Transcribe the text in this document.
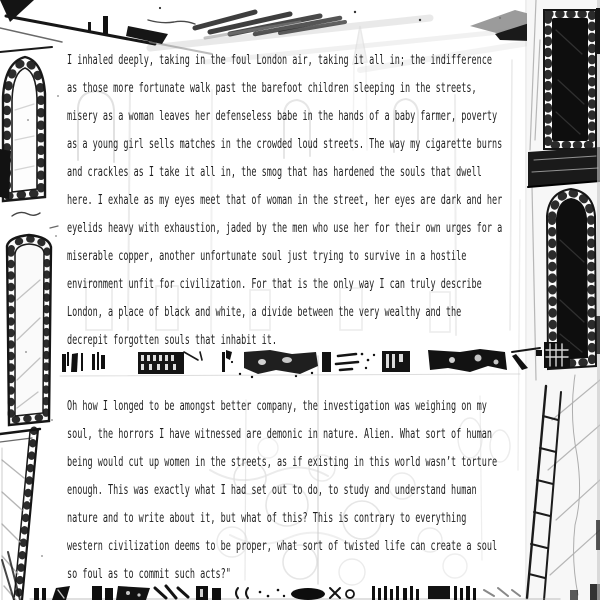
I inhaled deeply, taking in the foul London air, taking it all in; the indifference
as those more fortunate walk past the barefoot children sleeping in the streets,
misery as a woman leaves her defenseless babe in the hands of a baby farmer, poverty
as a young girl sells matches in the crowded loud streets. The way my cigarette burns
and crackles as I take it all in, the smog that has hardened the souls that dwell
here. I exhale as my eyes meet that of woman in the street, her eyes are dark and her
eyelids heavy with exhaustion, jaded by the men who use her for their own urges for a
miserable copper, another unfortunate soul just trying to survive in a hostile
environment unfit for civilization. For that is the only way I can truly describe
London, a place of black and white, a divide between the very wealthy and the
decrepit forgotten souls that inhabit it.
Oh how I longed to be amongst better company, the investigation was weighing on my
soul, the horrors I have witnessed are demonic in nature. Alien. What sort of human
being would cut up women in the streets, as if existing in this world wasn’t torture
enough. This was exactly what I had set out to do, to study and understand human
nature and to write about it, but what of this? This is contrary to everything
western civilization deems to be proper, what sort of twisted life can create a soul
so foul as to commit such acts?"
